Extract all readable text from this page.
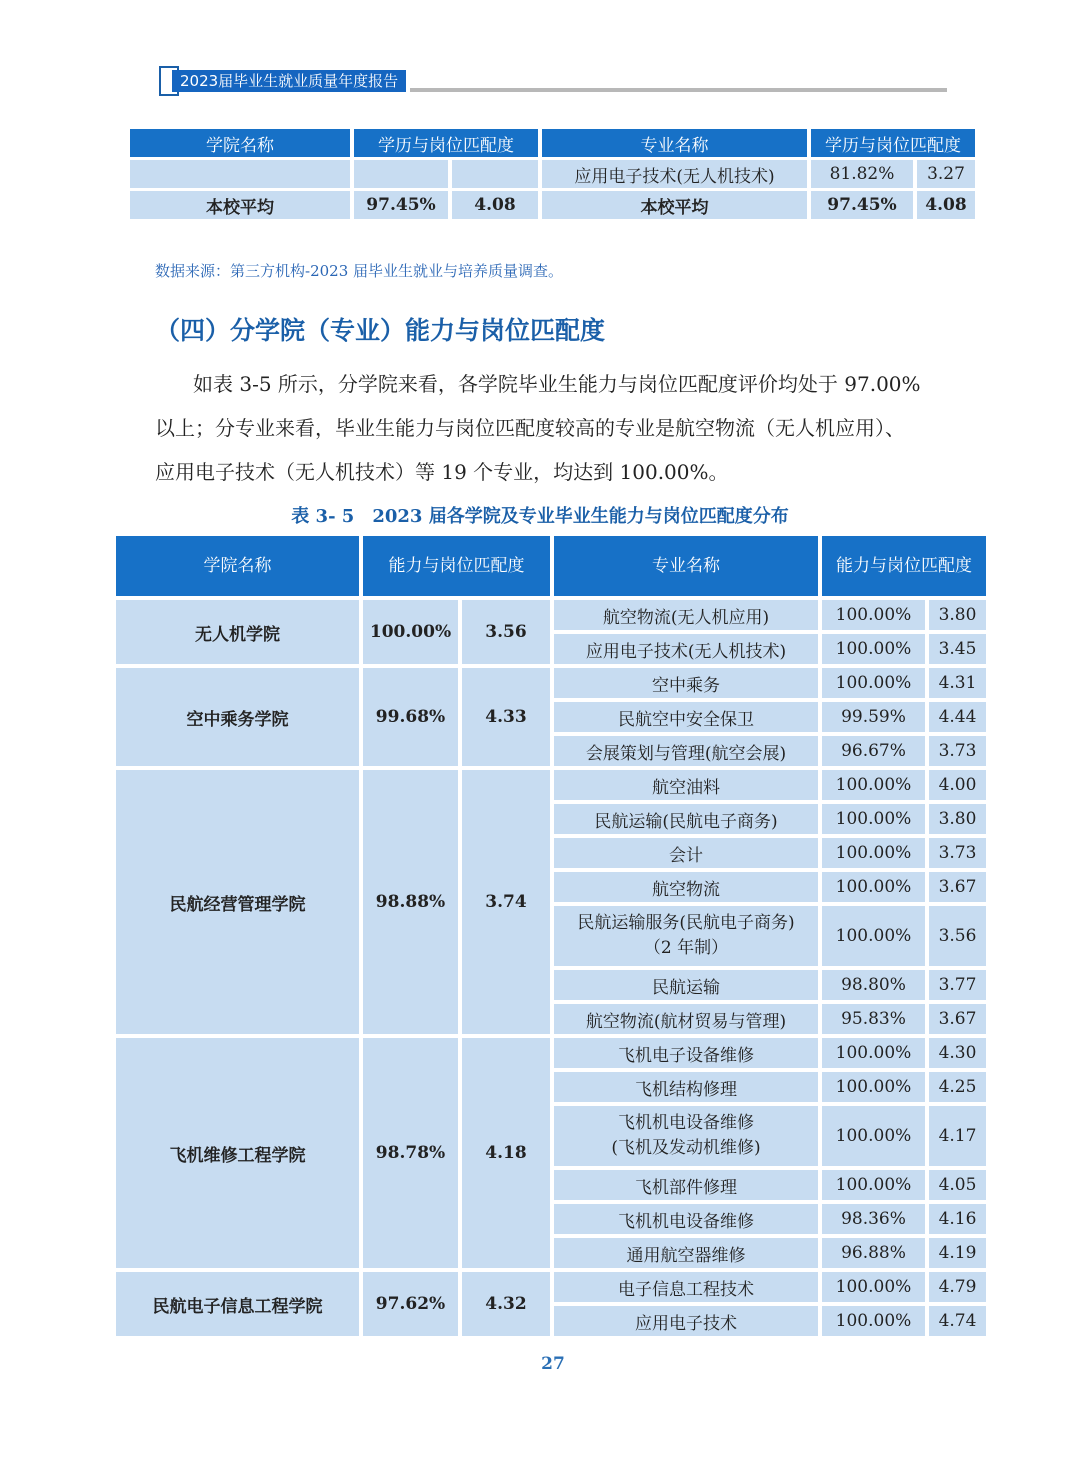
2023届毕业生就业质量年度报告
学院名称	学历与岗位匹配度		专业名称	学历与岗位匹配度	
			应用电子技术(无人机技术)	81.82%	3.27
本校平均	97.45%	4.08	本校平均	97.45%	4.08
数据来源：第三方机构-2023 届毕业生就业与培养质量调查。
（四）分学院（专业）能力与岗位匹配度

如表 3-5 所示，分学院来看，各学院毕业生能力与岗位匹配度评价均处于 97.00%

以上；分专业来看，毕业生能力与岗位匹配度较高的专业是航空物流（无人机应用）、

应用电子技术（无人机技术）等 19 个专业，均达到 100.00%。

表 3- 5　2023 届各学院及专业毕业生能力与岗位匹配度分布
学院名称	能力与岗位匹配度		专业名称	能力与岗位匹配度	
无人机学院	100.00%	3.56	航空物流(无人机应用)	100.00%	3.80
			应用电子技术(无人机技术)	100.00%	3.45
空中乘务学院	99.68%	4.33	空中乘务	100.00%	4.31
			民航空中安全保卫	99.59%	4.44
			会展策划与管理(航空会展)	96.67%	3.73
民航经营管理学院	98.88%	3.74	航空油料	100.00%	4.00
			民航运输(民航电子商务)	100.00%	3.80
			会计	100.00%	3.73
			航空物流	100.00%	3.67
			民航运输服务(民航电子商务)
（2 年制）	100.00%	3.56
			民航运输	98.80%	3.77
			航空物流(航材贸易与管理)	95.83%	3.67
飞机维修工程学院	98.78%	4.18	飞机电子设备维修	100.00%	4.30
			飞机结构修理	100.00%	4.25
			飞机机电设备维修
(飞机及发动机维修)	100.00%	4.17
			飞机部件修理	100.00%	4.05
			飞机机电设备维修	98.36%	4.16
			通用航空器维修	96.88%	4.19
民航电子信息工程学院	97.62%	4.32	电子信息工程技术	100.00%	4.79
			应用电子技术	100.00%	4.74
27
